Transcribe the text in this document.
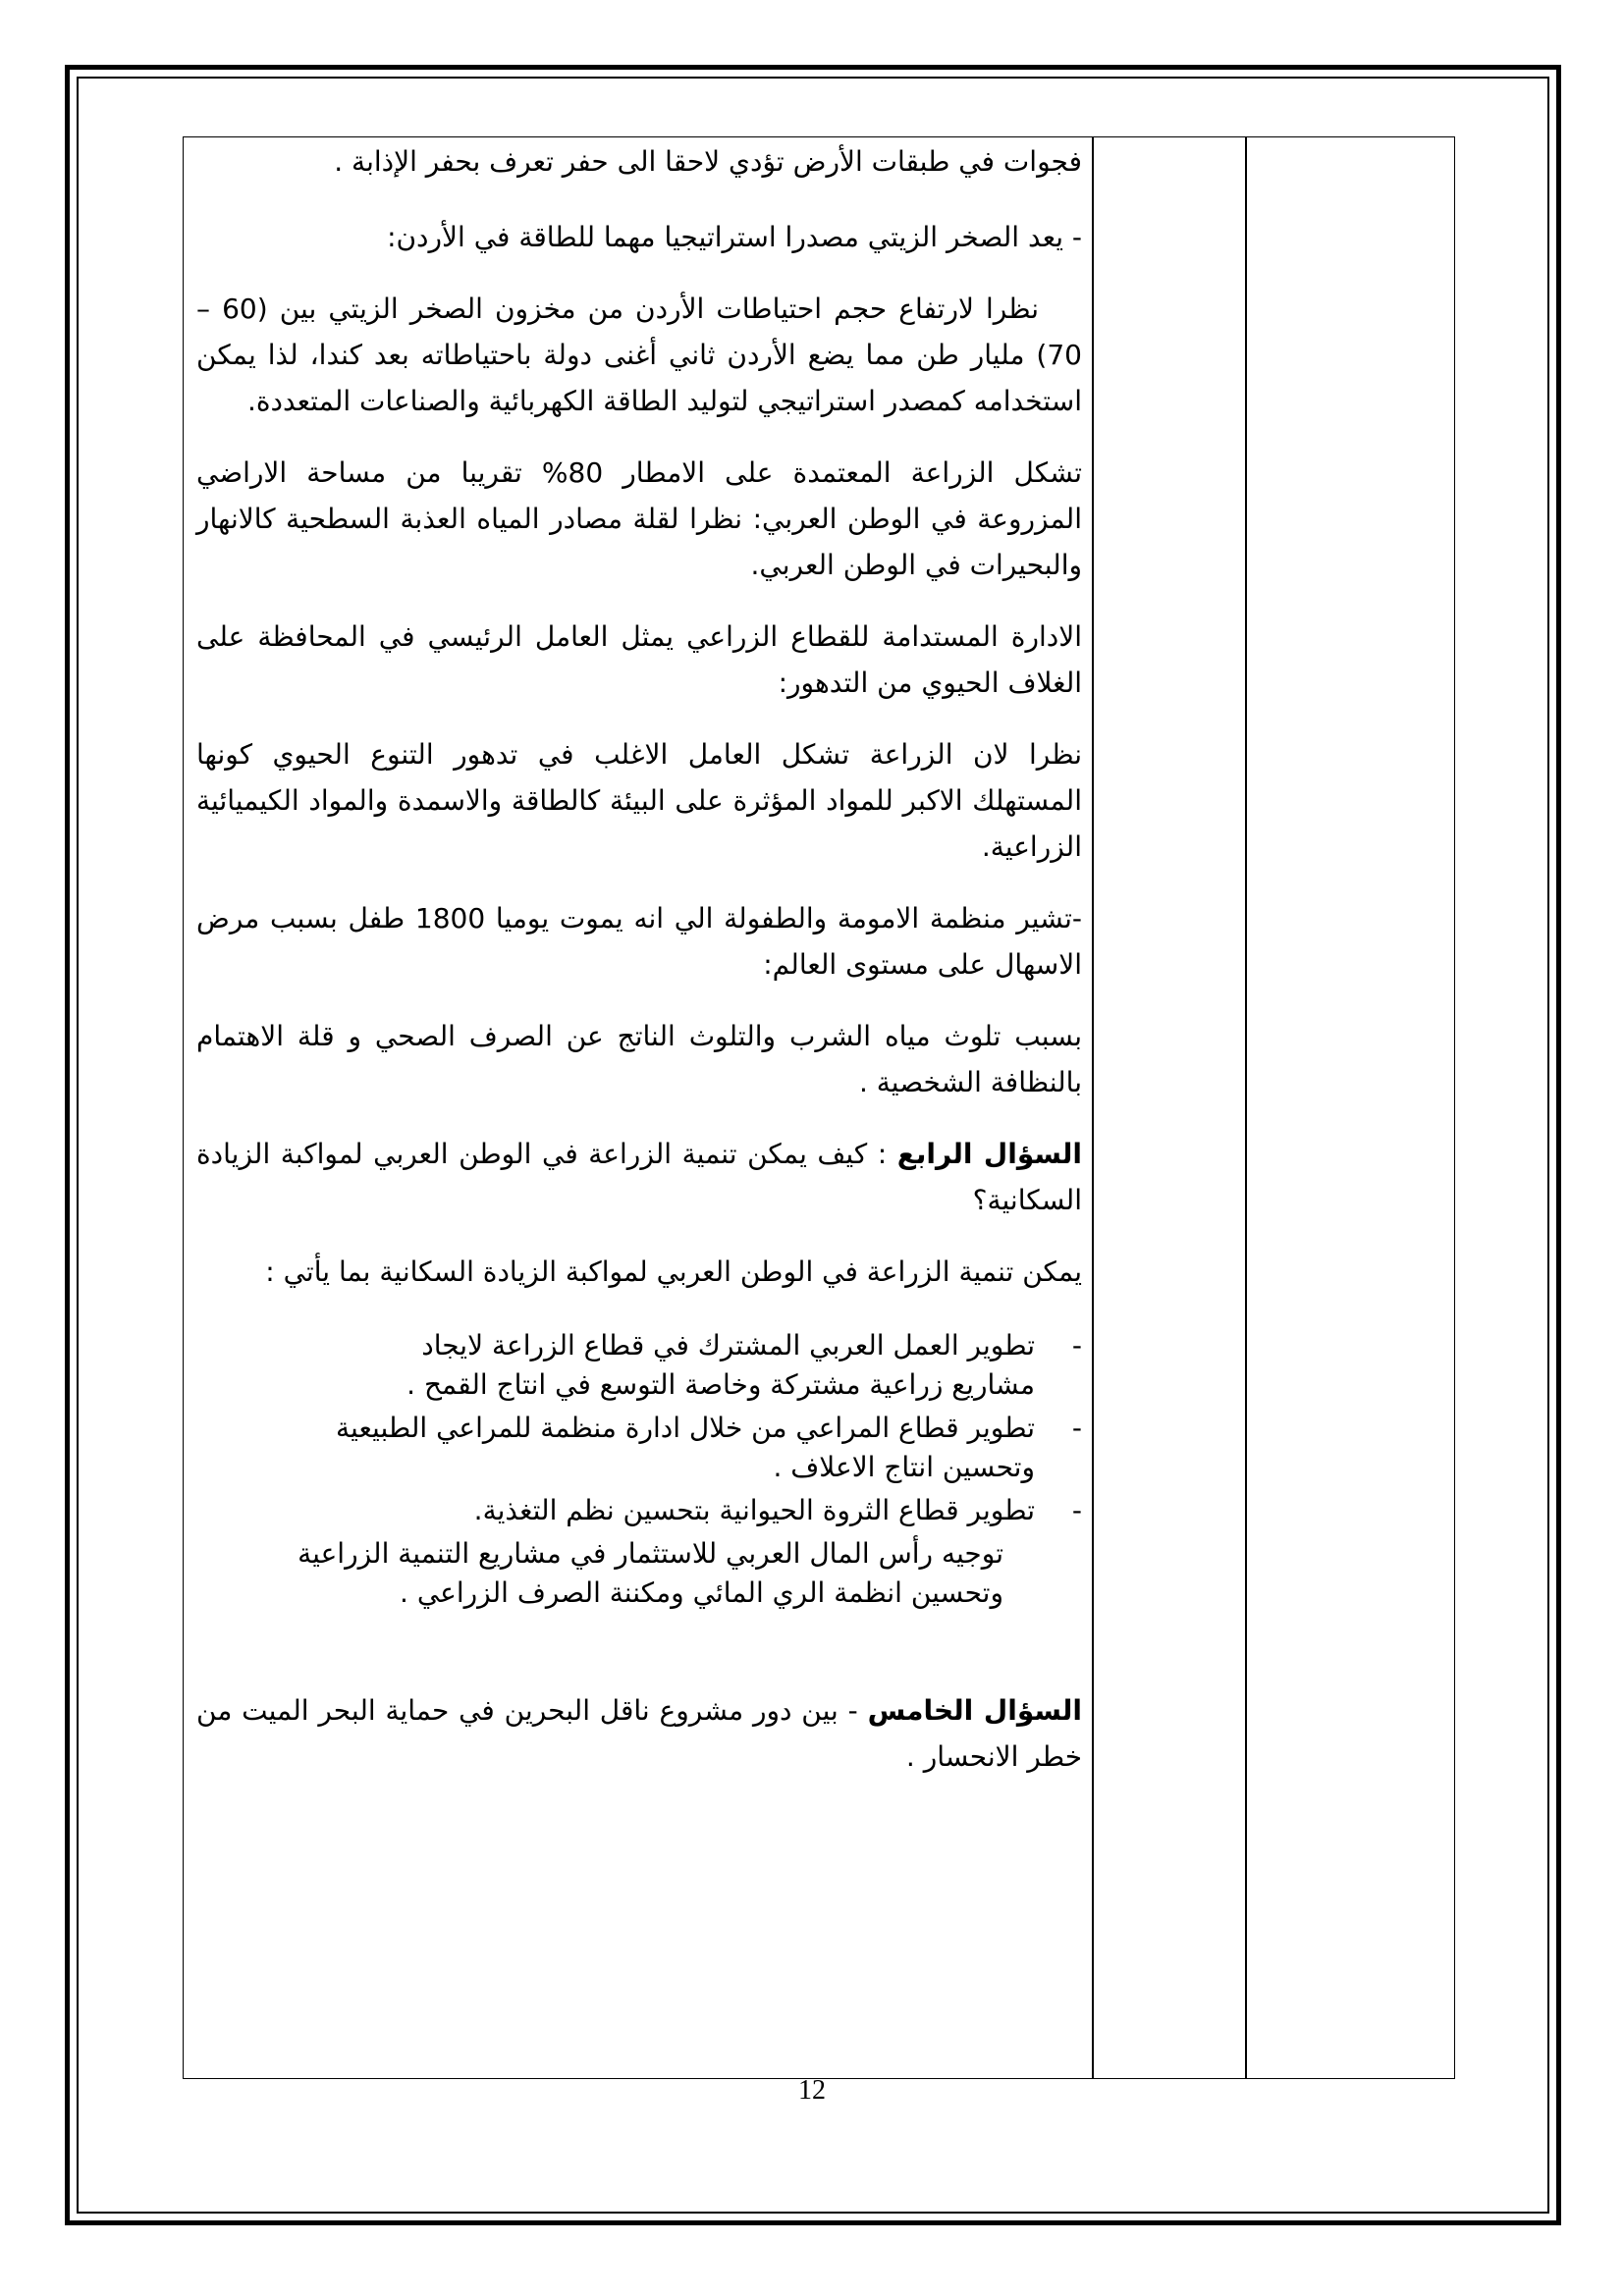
فجوات في طبقات الأرض تؤدي لاحقا الى حفر تعرف بحفر الإذابة .

- يعد الصخر الزيتي مصدرا استراتيجيا مهما للطاقة في الأردن:

نظرا لارتفاع حجم احتياطات الأردن من مخزون الصخر الزيتي بين (60 – 70) مليار طن مما يضع الأردن ثاني أغنى دولة باحتياطاته بعد كندا، لذا يمكن استخدامه كمصدر استراتيجي لتوليد الطاقة الكهربائية والصناعات المتعددة.

تشكل الزراعة المعتمدة على الامطار 80% تقريبا من مساحة الاراضي المزروعة في الوطن العربي: نظرا لقلة مصادر المياه العذبة السطحية كالانهار والبحيرات في الوطن العربي.

الادارة المستدامة للقطاع الزراعي يمثل العامل الرئيسي في المحافظة على الغلاف الحيوي من التدهور:

نظرا لان الزراعة تشكل العامل الاغلب في تدهور التنوع الحيوي كونها المستهلك الاكبر للمواد المؤثرة على البيئة كالطاقة والاسمدة والمواد الكيميائية الزراعية.

-تشير منظمة الامومة والطفولة الي انه يموت يوميا 1800 طفل بسبب مرض الاسهال على مستوى العالم:

بسبب تلوث مياه الشرب والتلوث الناتج عن الصرف الصحي و قلة الاهتمام بالنظافة الشخصية .

السؤال الرابع : كيف يمكن تنمية الزراعة في الوطن العربي لمواكبة الزيادة السكانية؟

يمكن تنمية الزراعة في الوطن العربي لمواكبة الزيادة السكانية بما يأتي :

-
تطوير العمل العربي المشترك في قطاع الزراعة لايجاد مشاريع زراعية مشتركة وخاصة التوسع في انتاج القمح .
-
تطوير قطاع المراعي من خلال ادارة منظمة للمراعي الطبيعية وتحسين انتاج الاعلاف .
-
تطوير قطاع الثروة الحيوانية بتحسين نظم التغذية.

توجيه رأس المال العربي للاستثمار في مشاريع التنمية الزراعية وتحسين انظمة الري المائي ومكننة الصرف الزراعي .

السؤال الخامس - بين دور مشروع ناقل البحرين في حماية البحر الميت من خطر الانحسار .

12
